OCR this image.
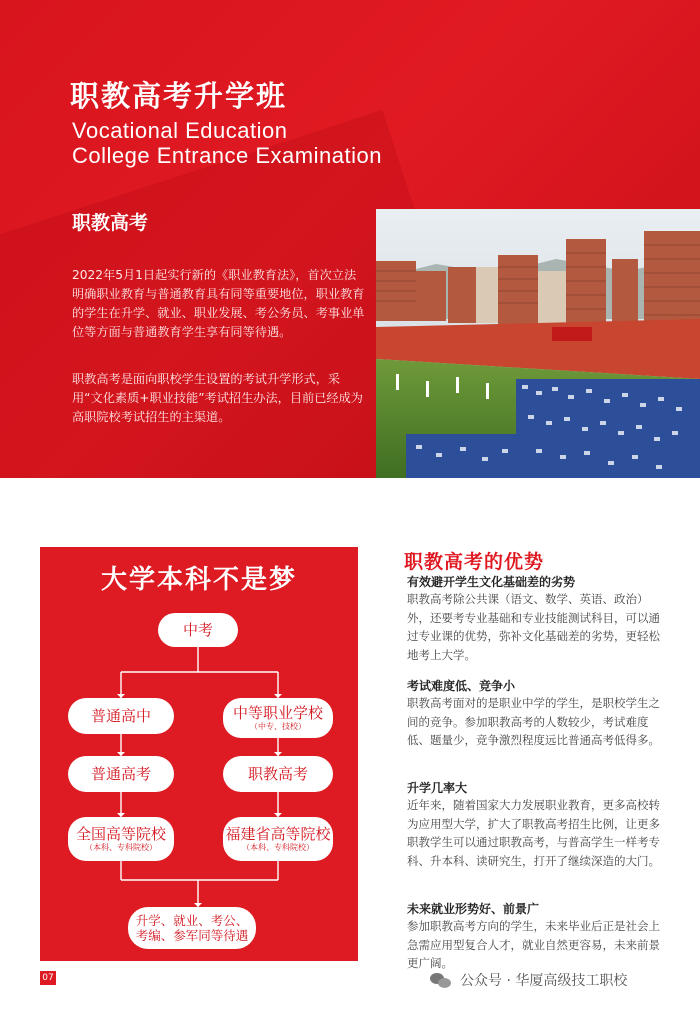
职教高考升学班
Vocational Education
College Entrance Examination
职教高考

2022年5月1日起实行新的《职业教育法》，首次立法明确职业教育与普通教育具有同等重要地位，职业教育的学生在升学、就业、职业发展、考公务员、考事业单位等方面与普通教育学生享有同等待遇。

职教高考是面向职校学生设置的考试升学形式，采用“文化素质+职业技能”考试招生办法，目前已经成为高职院校考试招生的主渠道。

大学本科不是梦
中考
普通高中	中等职业学校
（中专、技校）
普通高考	职教高考
全国高等院校
（本科、专科院校）
福建省高等院校
（本科、专科院校）
升学、就业、考公、
考编、参军同等待遇
07
职教高考的优势
有效避开学生文化基础差的劣势

职教高考除公共课（语文、数学、英语、政治）外，还要考专业基础和专业技能测试科目，可以通过专业课的优势，弥补文化基础差的劣势，更轻松地考上大学。

考试难度低、竞争小

职教高考面对的是职业中学的学生，是职校学生之间的竞争。参加职教高考的人数较少，考试难度低、题量少，竞争激烈程度远比普通高考低得多。

升学几率大

近年来，随着国家大力发展职业教育，更多高校转为应用型大学，扩大了职教高考招生比例，让更多职教学生可以通过职教高考，与普高学生一样考专科、升本科、读研究生，打开了继续深造的大门。

未来就业形势好、前景广

参加职教高考方向的学生，未来毕业后正是社会上急需应用型复合人才，就业自然更容易，未来前景更广阔。

公众号 · 华厦高级技工职校
